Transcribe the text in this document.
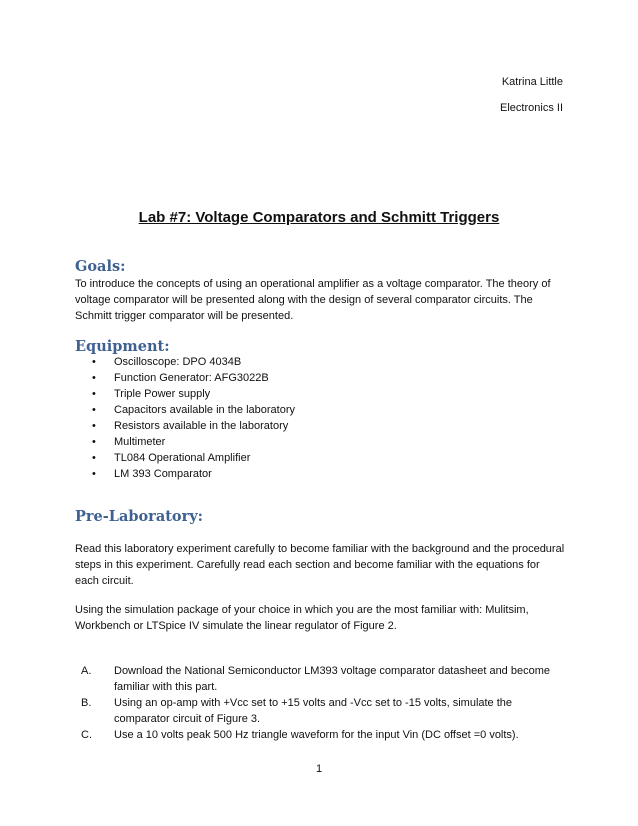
Katrina Little

Electronics II

Lab #7: Voltage Comparators and Schmitt Triggers
Goals:

To introduce the concepts of using an operational amplifier as a voltage comparator. The theory of voltage comparator will be presented along with the design of several comparator circuits. The Schmitt trigger comparator will be presented.

Equipment:
• Oscilloscope: DPO 4034B
• Function Generator: AFG3022B
• Triple Power supply
• Capacitors available in the laboratory
• Resistors available in the laboratory
• Multimeter
• TL084 Operational Amplifier
• LM 393 Comparator
Pre-Laboratory:

Read this laboratory experiment carefully to become familiar with the background and the procedural steps in this experiment. Carefully read each section and become familiar with the equations for each circuit.

Using the simulation package of your choice in which you are the most familiar with: Mulitsim, Workbench or LTSpice IV simulate the linear regulator of Figure 2.

A. Download the National Semiconductor LM393 voltage comparator datasheet and become familiar with this part.
B. Using an op-amp with +Vcc set to +15 volts and -Vcc set to -15 volts, simulate the comparator circuit of Figure 3.
C. Use a 10 volts peak 500 Hz triangle waveform for the input Vin (DC offset =0 volts).

1
